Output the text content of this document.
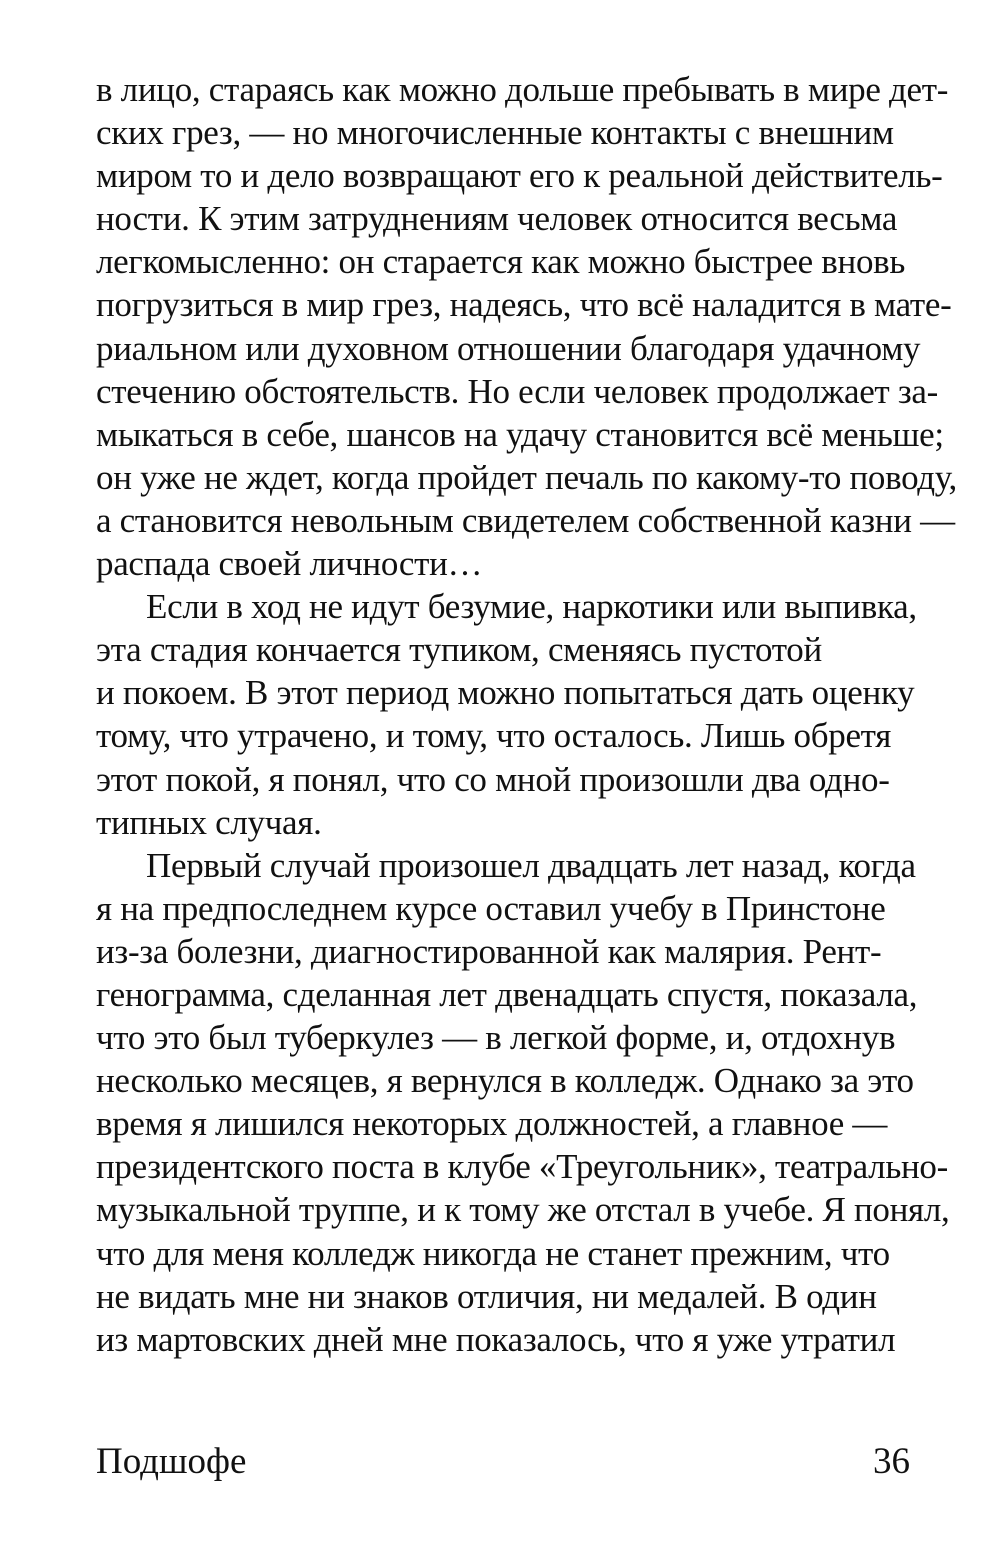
в лицо, стараясь как можно дольше пребывать в мире дет-
ских грез, — но многочисленные контакты с внешним
миром то и дело возвращают его к реальной действитель-
ности. К этим затруднениям человек относится весьма
легкомысленно: он старается как можно быстрее вновь
погрузиться в мир грез, надеясь, что всё наладится в мате-
риальном или духовном отношении благодаря удачному
стечению обстоятельств. Но если человек продолжает за-
мыкаться в себе, шансов на удачу становится всё меньше;
он уже не ждет, когда пройдет печаль по какому-то поводу,
а становится невольным свидетелем собственной казни —
распада своей личности…
Если в ход не идут безумие, наркотики или выпивка,
эта стадия кончается тупиком, сменяясь пустотой
и покоем. В этот период можно попытаться дать оценку
тому, что утрачено, и тому, что осталось. Лишь обретя
этот покой, я понял, что со мной произошли два одно-
типных случая.
Первый случай произошел двадцать лет назад, когда
я на предпоследнем курсе оставил учебу в Принстоне
из-за болезни, диагностированной как малярия. Рент-
генограмма, сделанная лет двенадцать спустя, показала,
что это был туберкулез — в легкой форме, и, отдохнув
несколько месяцев, я вернулся в колледж. Однако за это
время я лишился некоторых должностей, а главное —
президентского поста в клубе «Треугольник», театрально-
музыкальной труппе, и к тому же отстал в учебе. Я понял,
что для меня колледж никогда не станет прежним, что
не видать мне ни знаков отличия, ни медалей. В один
из мартовских дней мне показалось, что я уже утратил
Подшофе	36
